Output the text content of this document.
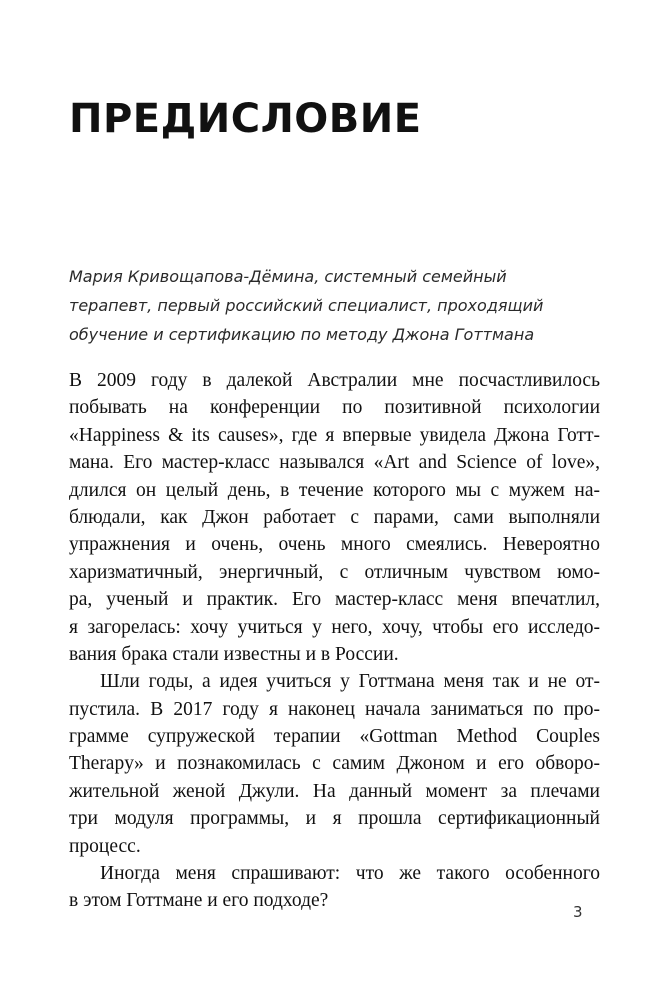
ПРЕДИСЛОВИЕ
Мария Кривощапова-Дёмина, системный семейный
терапевт, первый российский специалист, проходящий
обучение и сертификацию по методу Джона Готтмана
В 2009 году в далекой Австралии мне посчастливилось
побывать на конференции по позитивной психологии
«Happiness & its causes», где я впервые увидела Джона Готт-
мана. Его мастер-класс назывался «Art and Science of love»,
длился он целый день, в течение которого мы с мужем на-
блюдали, как Джон работает с парами, сами выполняли
упражнения и очень, очень много смеялись. Невероятно
харизматичный, энергичный, с отличным чувством юмо-
ра, ученый и практик. Его мастер-класс меня впечатлил,
я загорелась: хочу учиться у него, хочу, чтобы его исследо-
вания брака стали известны и в России.
Шли годы, а идея учиться у Готтмана меня так и не от-
пустила. В 2017 году я наконец начала заниматься по про-
грамме супружеской терапии «Gottman Method Couples
Therapy» и познакомилась с самим Джоном и его обворо-
жительной женой Джули. На данный момент за плечами
три модуля программы, и я прошла сертификационный
процесс.
Иногда меня спрашивают: что же такого особенного
в этом Готтмане и его подходе?
3
